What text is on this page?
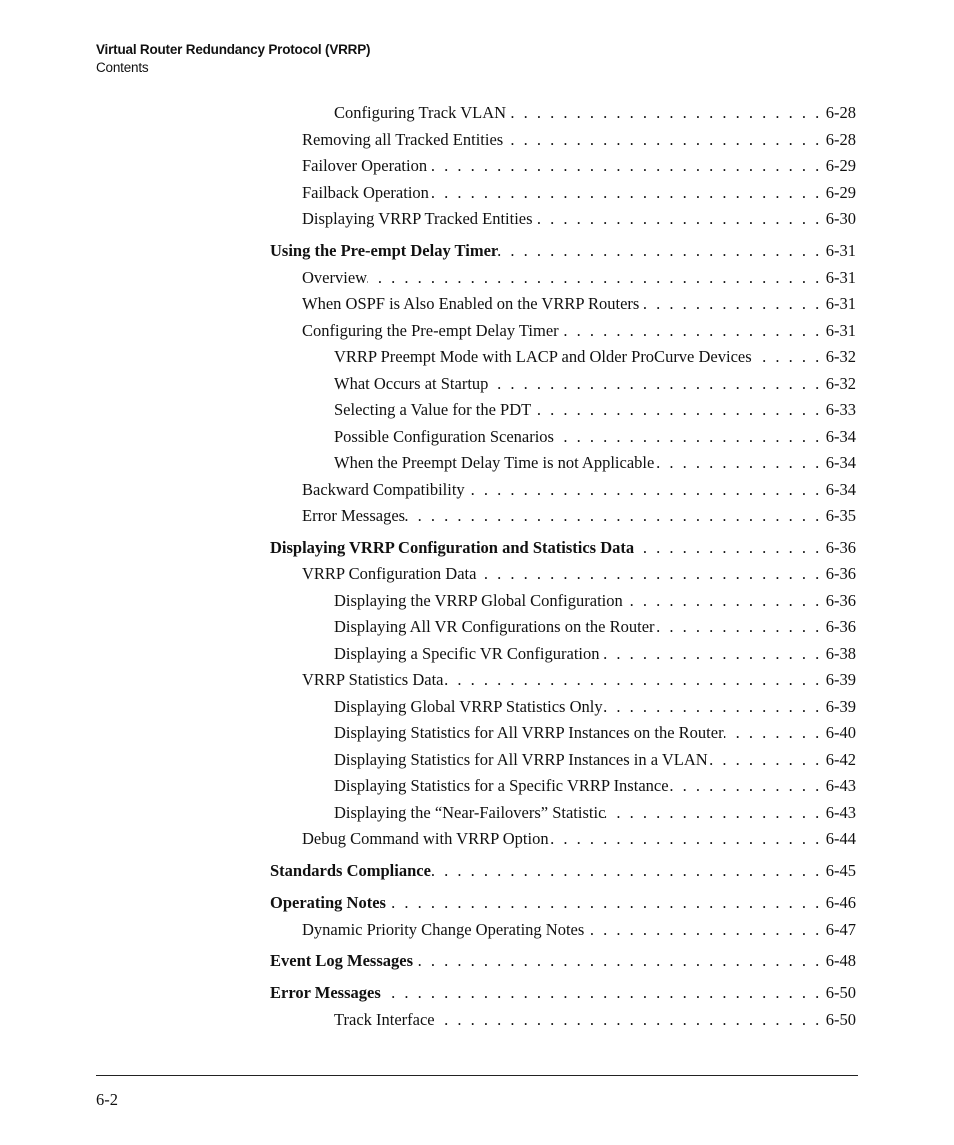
Virtual Router Redundancy Protocol (VRRP)
Contents
Configuring Track VLAN . . .	6-28
Removing all Tracked Entities . . .	6-28
Failover Operation . . .	6-29
Failback Operation . . .	6-29
Displaying VRRP Tracked Entities . . .	6-30
Using the Pre-empt Delay Timer . . .	6-31
Overview . . .	6-31
When OSPF is Also Enabled on the VRRP Routers . . .	6-31
Configuring the Pre-empt Delay Timer . . .	6-31
VRRP Preempt Mode with LACP and Older ProCurve Devices . . .	6-32
What Occurs at Startup . . .	6-32
Selecting a Value for the PDT . . .	6-33
Possible Configuration Scenarios . . .	6-34
When the Preempt Delay Time is not Applicable . . .	6-34
Backward Compatibility . . .	6-34
Error Messages . . .	6-35
Displaying VRRP Configuration and Statistics Data . . .	6-36
VRRP Configuration Data . . .	6-36
Displaying the VRRP Global Configuration . . .	6-36
Displaying All VR Configurations on the Router . . .	6-36
Displaying a Specific VR Configuration . . .	6-38
VRRP Statistics Data . . .	6-39
Displaying Global VRRP Statistics Only . . .	6-39
Displaying Statistics for All VRRP Instances on the Router . . .	6-40
Displaying Statistics for All VRRP Instances in a VLAN . . .	6-42
Displaying Statistics for a Specific VRRP Instance . . .	6-43
Displaying the “Near-Failovers” Statistic . . .	6-43
Debug Command with VRRP Option . . .	6-44
Standards Compliance . . .	6-45
Operating Notes . . .	6-46
Dynamic Priority Change Operating Notes . . .	6-47
Event Log Messages . . .	6-48
Error Messages . . .	6-50
Track Interface . . .	6-50
6-2
